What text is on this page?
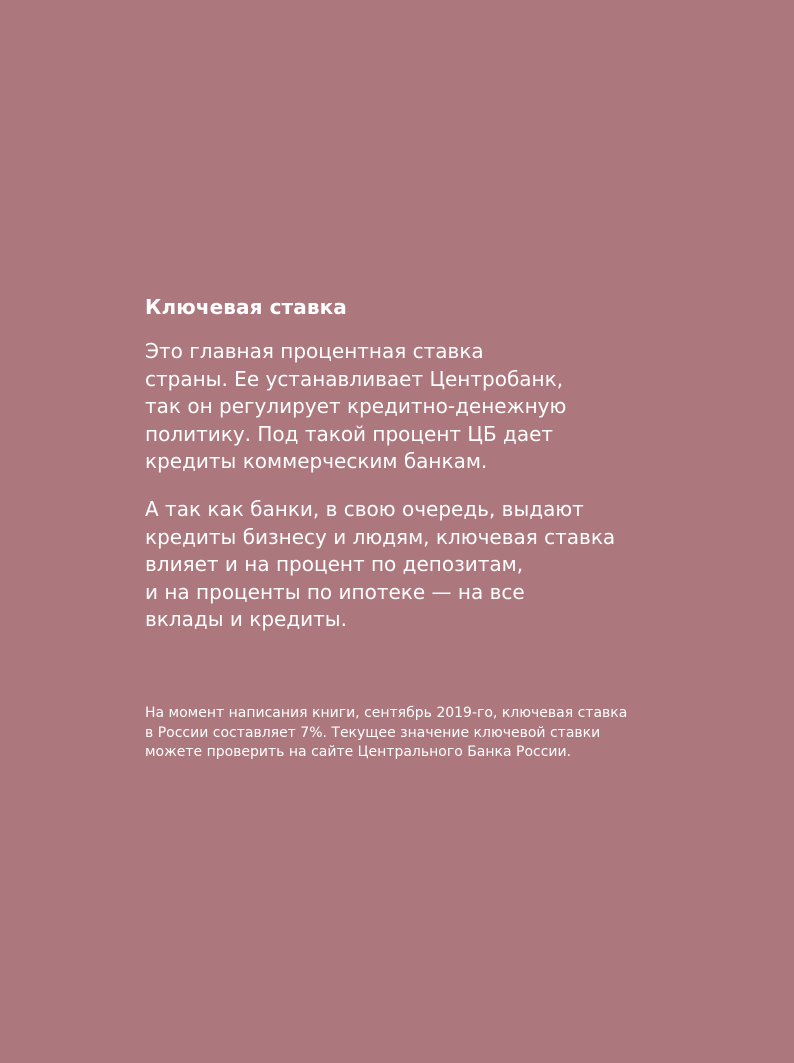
Ключевая ставка
Это главная процентная ставка
страны. Ее устанавливает Центробанк,
так он регулирует кредитно-денежную
политику. Под такой процент ЦБ дает
кредиты коммерческим банкам.
А так как банки, в свою очередь, выдают
кредиты бизнесу и людям, ключевая ставка
влияет и на процент по депозитам,
и на проценты по ипотеке — на все
вклады и кредиты.
На момент написания книги, сентябрь 2019-го, ключевая ставка
в России составляет 7%. Текущее значение ключевой ставки
можете проверить на сайте Центрального Банка России.
